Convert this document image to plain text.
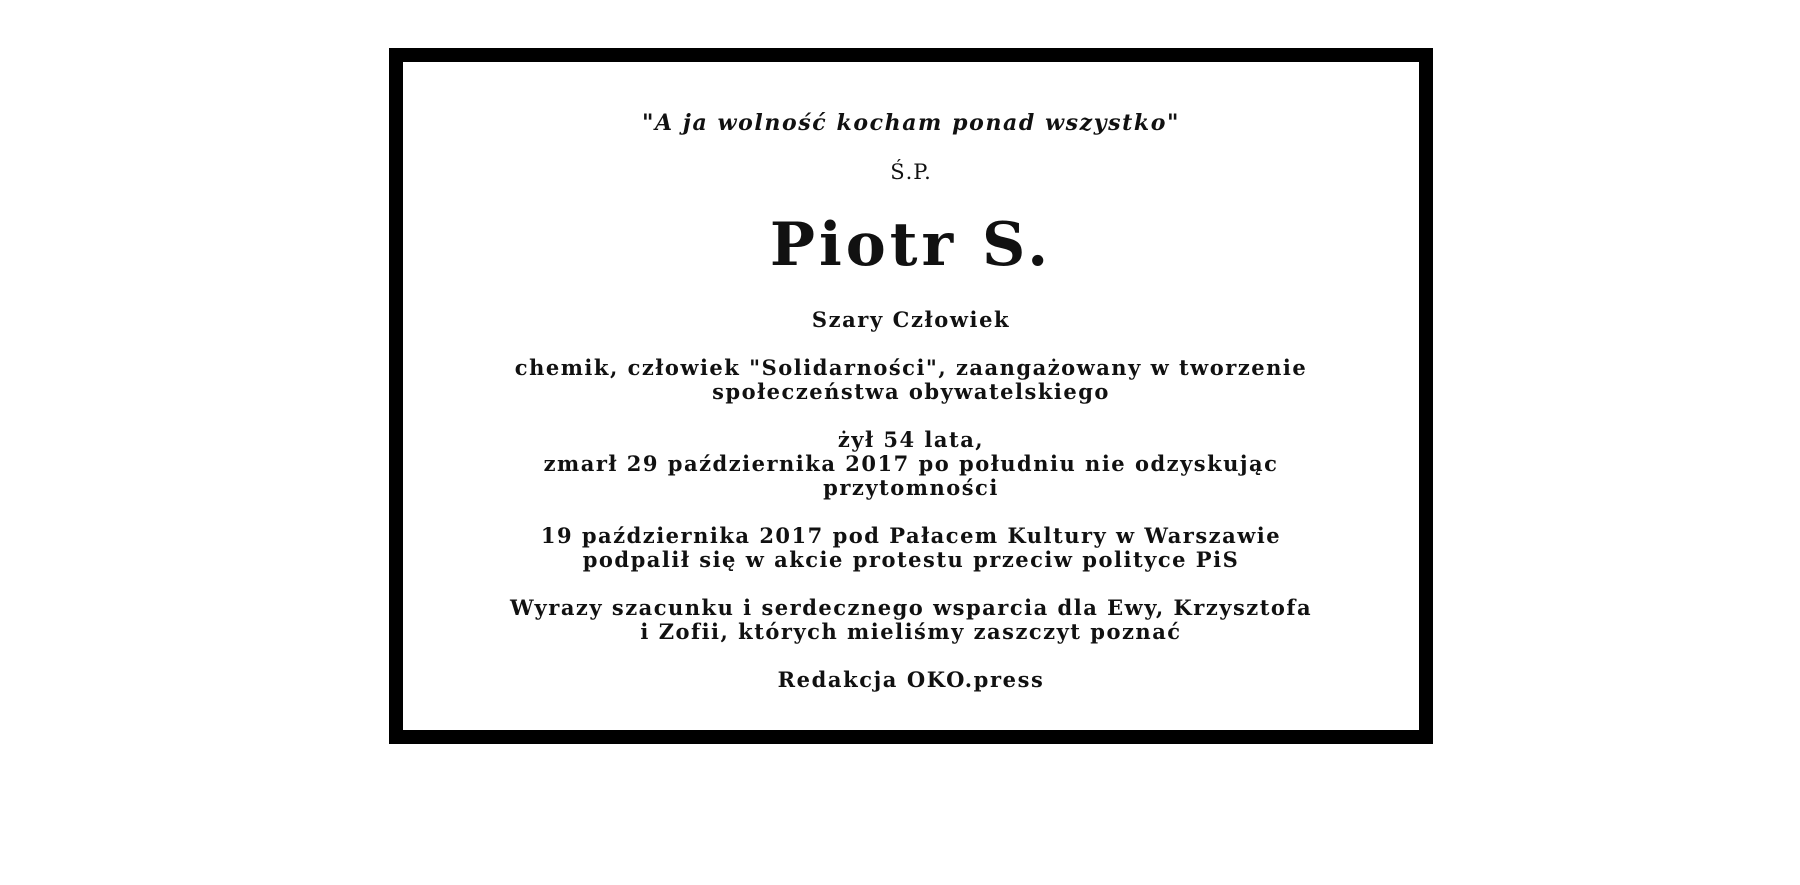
"A ja wolność kocham ponad wszystko"
Ś.P.
Piotr S.
Szary Człowiek
chemik, człowiek "Solidarności", zaangażowany w tworzenie
społeczeństwa obywatelskiego
żył 54 lata,
zmarł 29 października 2017 po południu nie odzyskując
przytomności
19 października 2017 pod Pałacem Kultury w Warszawie
podpalił się w akcie protestu przeciw polityce PiS
Wyrazy szacunku i serdecznego wsparcia dla Ewy, Krzysztofa
i Zofii, których mieliśmy zaszczyt poznać
Redakcja OKO.press
